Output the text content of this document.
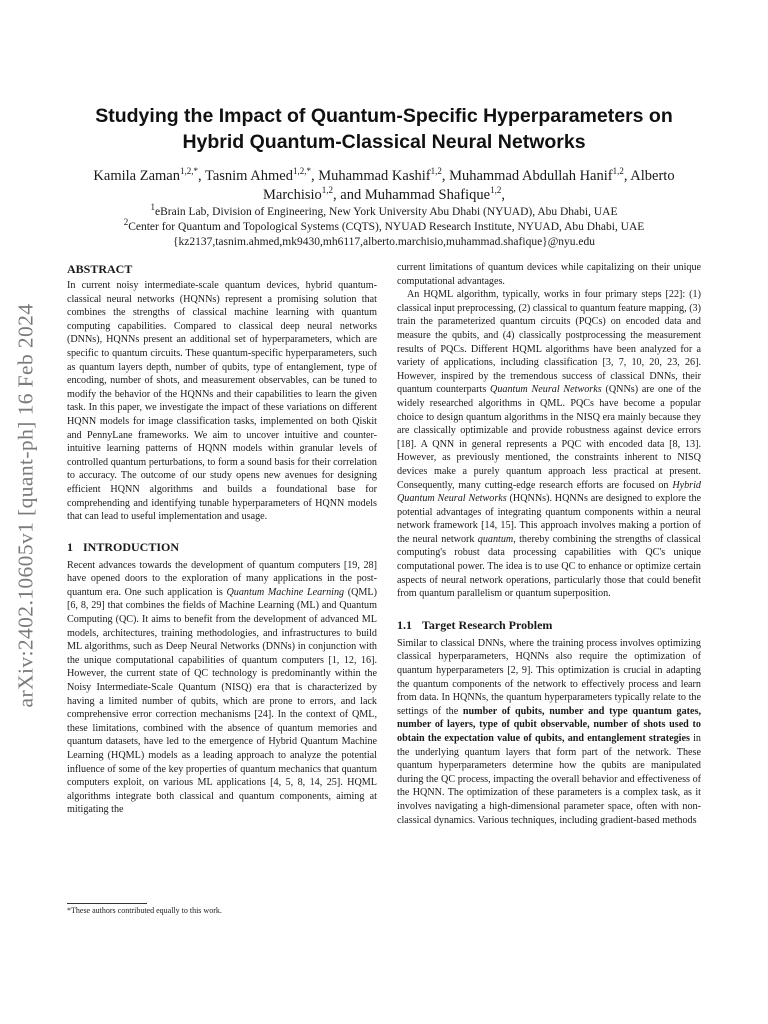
arXiv:2402.10605v1 [quant-ph] 16 Feb 2024
Studying the Impact of Quantum-Specific Hyperparameters on
Hybrid Quantum-Classical Neural Networks
Kamila Zaman$^{1,2,*}$, Tasnim Ahmed$^{1,2,*}$, Muhammad Kashif$^{1,2}$, Muhammad Abdullah Hanif$^{1,2}$, Alberto Marchisio$^{1,2}$, and Muhammad Shafique$^{1,2}$,
$^1$eBrain Lab, Division of Engineering, New York University Abu Dhabi (NYUAD), Abu Dhabi, UAE
$^2$Center for Quantum and Topological Systems (CQTS), NYUAD Research Institute, NYUAD, Abu Dhabi, UAE
{kz2137,tasnim.ahmed,mk9430,mh6117,alberto.marchisio,muhammad.shafique}@nyu.edu
ABSTRACT

In current noisy intermediate-scale quantum devices, hybrid quantum-classical neural networks (HQNNs) represent a promising solution that combines the strengths of classical machine learning with quantum computing capabilities. Compared to classical deep neural networks (DNNs), HQNNs present an additional set of hyperparameters, which are specific to quantum circuits. These quantum-specific hyperparameters, such as quantum layers depth, number of qubits, type of entanglement, type of encoding, number of shots, and measurement observables, can be tuned to modify the behavior of the HQNNs and their capabilities to learn the given task. In this paper, we investigate the impact of these variations on different HQNN models for image classification tasks, implemented on both Qiskit and PennyLane frameworks. We aim to uncover intuitive and counter-intuitive learning patterns of HQNN models within granular levels of controlled quantum perturbations, to form a sound basis for their correlation to accuracy. The outcome of our study opens new avenues for designing efficient HQNN algorithms and builds a foundational base for comprehending and identifying tunable hyperparameters of HQNN models that can lead to useful implementation and usage.

1 INTRODUCTION

Recent advances towards the development of quantum computers [19, 28] have opened doors to the exploration of many applications in the post-quantum era. One such application is Quantum Machine Learning (QML) [6, 8, 29] that combines the fields of Machine Learning (ML) and Quantum Computing (QC). It aims to benefit from the development of advanced ML models, architectures, training methodologies, and infrastructures to build ML algorithms, such as Deep Neural Networks (DNNs) in conjunction with the unique computational capabilities of quantum computers [1, 12, 16]. However, the current state of QC technology is predominantly within the Noisy Intermediate-Scale Quantum (NISQ) era that is characterized by having a limited number of qubits, which are prone to errors, and lack comprehensive error correction mechanisms [24]. In the context of QML, these limitations, combined with the absence of quantum memories and quantum datasets, have led to the emergence of Hybrid Quantum Machine Learning (HQML) models as a leading approach to analyze the potential influence of some of the key properties of quantum mechanics that quantum computers exploit, on various ML applications [4, 5, 8, 14, 25]. HQML algorithms integrate both classical and quantum components, aiming at mitigating the

current limitations of quantum devices while capitalizing on their unique computational advantages.

An HQML algorithm, typically, works in four primary steps [22]: (1) classical input preprocessing, (2) classical to quantum feature mapping, (3) train the parameterized quantum circuits (PQCs) on encoded data and measure the qubits, and (4) classically postprocessing the measurement results of PQCs. Different HQML algorithms have been analyzed for a variety of applications, including classification [3, 7, 10, 20, 23, 26]. However, inspired by the tremendous success of classical DNNs, their quantum counterparts Quantum Neural Networks (QNNs) are one of the widely researched algorithms in QML. PQCs have become a popular choice to design quantum algorithms in the NISQ era mainly because they are classically optimizable and provide robustness against device errors [18]. A QNN in general represents a PQC with encoded data [8, 13]. However, as previously mentioned, the constraints inherent to NISQ devices make a purely quantum approach less practical at present. Consequently, many cutting-edge research efforts are focused on Hybrid Quantum Neural Networks (HQNNs). HQNNs are designed to explore the potential advantages of integrating quantum components within a neural network framework [14, 15]. This approach involves making a portion of the neural network quantum, thereby combining the strengths of classical computing's robust data processing capabilities with QC's unique computational power. The idea is to use QC to enhance or optimize certain aspects of neural network operations, particularly those that could benefit from quantum parallelism or quantum superposition.

1.1 Target Research Problem

Similar to classical DNNs, where the training process involves optimizing classical hyperparameters, HQNNs also require the optimization of quantum hyperparameters [2, 9]. This optimization is crucial in adapting the quantum components of the network to effectively process and learn from data. In HQNNs, the quantum hyperparameters typically relate to the settings of the number of qubits, number and type quantum gates, number of layers, type of qubit observable, number of shots used to obtain the expectation value of qubits, and entanglement strategies in the underlying quantum layers that form part of the network. These quantum hyperparameters determine how the qubits are manipulated during the QC process, impacting the overall behavior and effectiveness of the HQNN. The optimization of these parameters is a complex task, as it involves navigating a high-dimensional parameter space, often with non-classical dynamics. Various techniques, including gradient-based methods

*These authors contributed equally to this work.
